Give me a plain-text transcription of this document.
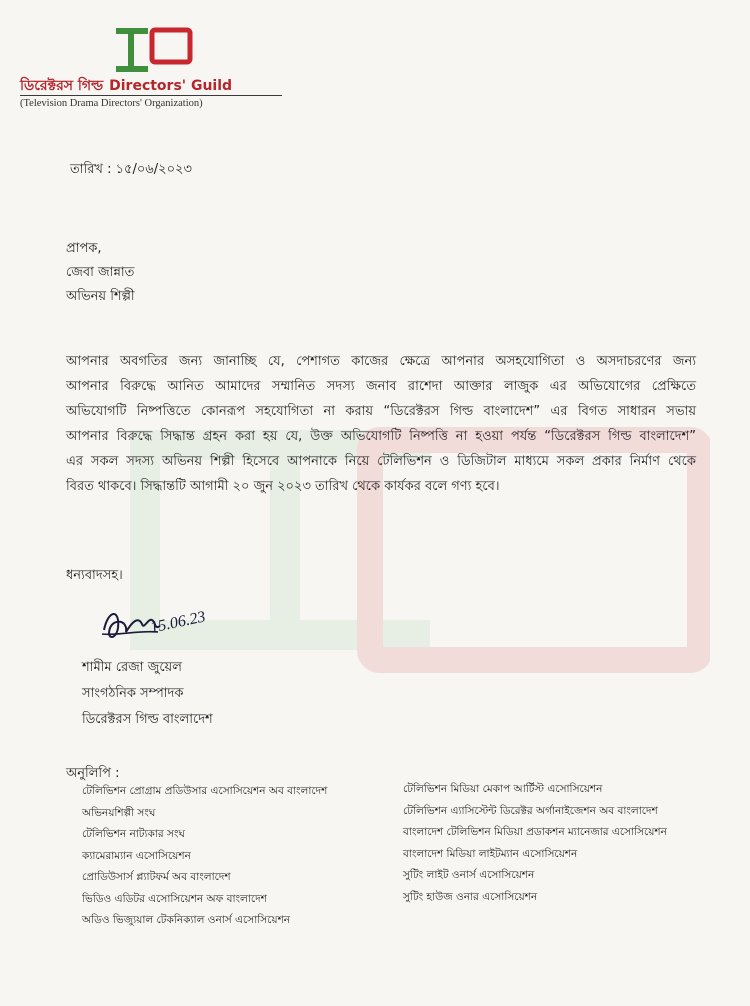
ডিরেক্টরস গিল্ড Directors' Guild
(Television Drama Directors' Organization)
তারিখ : ১৫/০৬/২০২৩
প্রাপক,
জেবা জান্নাত
অভিনয় শিল্পী
আপনার অবগতির জন্য জানাচ্ছি যে, পেশাগত কাজের ক্ষেত্রে আপনার অসহযোগিতা ও অসদাচরণের জন্য
আপনার বিরুদ্ধে আনিত আমাদের সম্মানিত সদস্য জনাব রাশেদা আক্তার লাজুক এর অভিযোগের প্রেক্ষিতে
অভিযোগটি নিষ্পত্তিতে কোনরূপ সহযোগিতা না করায় “ডিরেক্টরস গিল্ড বাংলাদেশ” এর বিগত সাধারন সভায়
আপনার বিরুদ্ধে সিদ্ধান্ত গ্রহন করা হয় যে, উক্ত অভিযোগটি নিষ্পত্তি না হওয়া পর্যন্ত “ডিরেক্টরস গিল্ড বাংলাদেশ”
এর সকল সদস্য অভিনয় শিল্পী হিসেবে আপনাকে নিয়ে টেলিভিশন ও ডিজিটাল মাধ্যমে সকল প্রকার নির্মাণ থেকে
বিরত থাকবে। সিদ্ধান্তটি আগামী ২০ জুন ২০২৩ তারিখ থেকে কার্যকর বলে গণ্য হবে।
ধন্যবাদসহ।
15.06.23
শামীম রেজা জুয়েল
সাংগঠনিক সম্পাদক
ডিরেক্টরস গিল্ড বাংলাদেশ
অনুলিপি :
টেলিভিশন প্রোগ্রাম প্রডিউসার এসোসিয়েশন অব বাংলাদেশ
অভিনয়শিল্পী সংঘ
টেলিভিশন নাট্যকার সংঘ
ক্যামেরাম্যান এসোসিয়েশন
প্রোডিউসার্স প্ল্যাটফর্ম অব বাংলাদেশ
ভিডিও এডিটর এসোসিয়েশন অফ বাংলাদেশ
অডিও ভিজ্যুয়াল টেকনিক্যাল ওনার্স এসোসিয়েশন
টেলিভিশন মিডিয়া মেকাপ আর্টিস্ট এসোসিয়েশন
টেলিভিশন এ্যাসিস্টেন্ট ডিরেক্টর অর্গানাইজেশন অব বাংলাদেশ
বাংলাদেশ টেলিভিশন মিডিয়া প্রডাকশন ম্যানেজার এসোসিয়েশন
বাংলাদেশ মিডিয়া লাইটম্যান এসোসিয়েশন
সুটিং লাইট ওনার্স এসোসিয়েশন
সুটিং হাউজ ওনার এসোসিয়েশন
